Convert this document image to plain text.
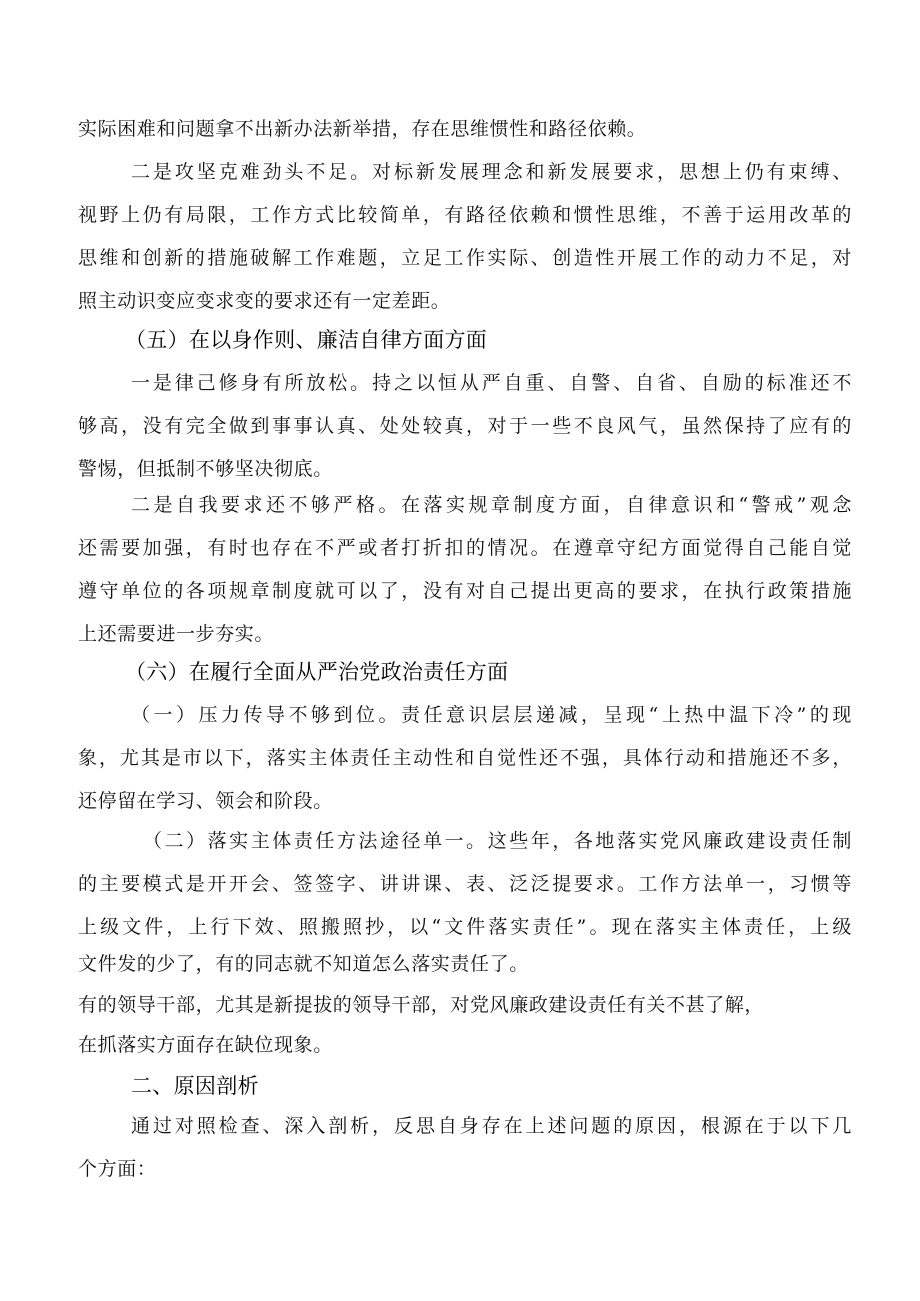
实际困难和问题拿不出新办法新举措，存在思维惯性和路径依赖。
二是攻坚克难劲头不足。对标新发展理念和新发展要求，思想上仍有束缚、
视野上仍有局限，工作方式比较简单，有路径依赖和惯性思维，不善于运用改革的
思维和创新的措施破解工作难题，立足工作实际、创造性开展工作的动力不足，对
照主动识变应变求变的要求还有一定差距。
（五）在以身作则、廉洁自律方面方面
一是律己修身有所放松。持之以恒从严自重、自警、自省、自励的标准还不
够高，没有完全做到事事认真、处处较真，对于一些不良风气，虽然保持了应有的
警惕，但抵制不够坚决彻底。
二是自我要求还不够严格。在落实规章制度方面，自律意识和“警戒”观念
还需要加强，有时也存在不严或者打折扣的情况。在遵章守纪方面觉得自己能自觉
遵守单位的各项规章制度就可以了，没有对自己提出更高的要求，在执行政策措施
上还需要进一步夯实。
（六）在履行全面从严治党政治责任方面
（一）压力传导不够到位。责任意识层层递减，呈现“上热中温下冷”的现
象，尤其是市以下，落实主体责任主动性和自觉性还不强，具体行动和措施还不多，
还停留在学习、领会和阶段。
（二）落实主体责任方法途径单一。这些年，各地落实党风廉政建设责任制
的主要模式是开开会、签签字、讲讲课、表、泛泛提要求。工作方法单一，习惯等
上级文件，上行下效、照搬照抄，以“文件落实责任”。现在落实主体责任，上级
文件发的少了，有的同志就不知道怎么落实责任了。
有的领导干部，尤其是新提拔的领导干部，对党风廉政建设责任有关不甚了解，
在抓落实方面存在缺位现象。
二、原因剖析
通过对照检查、深入剖析，反思自身存在上述问题的原因，根源在于以下几
个方面：
